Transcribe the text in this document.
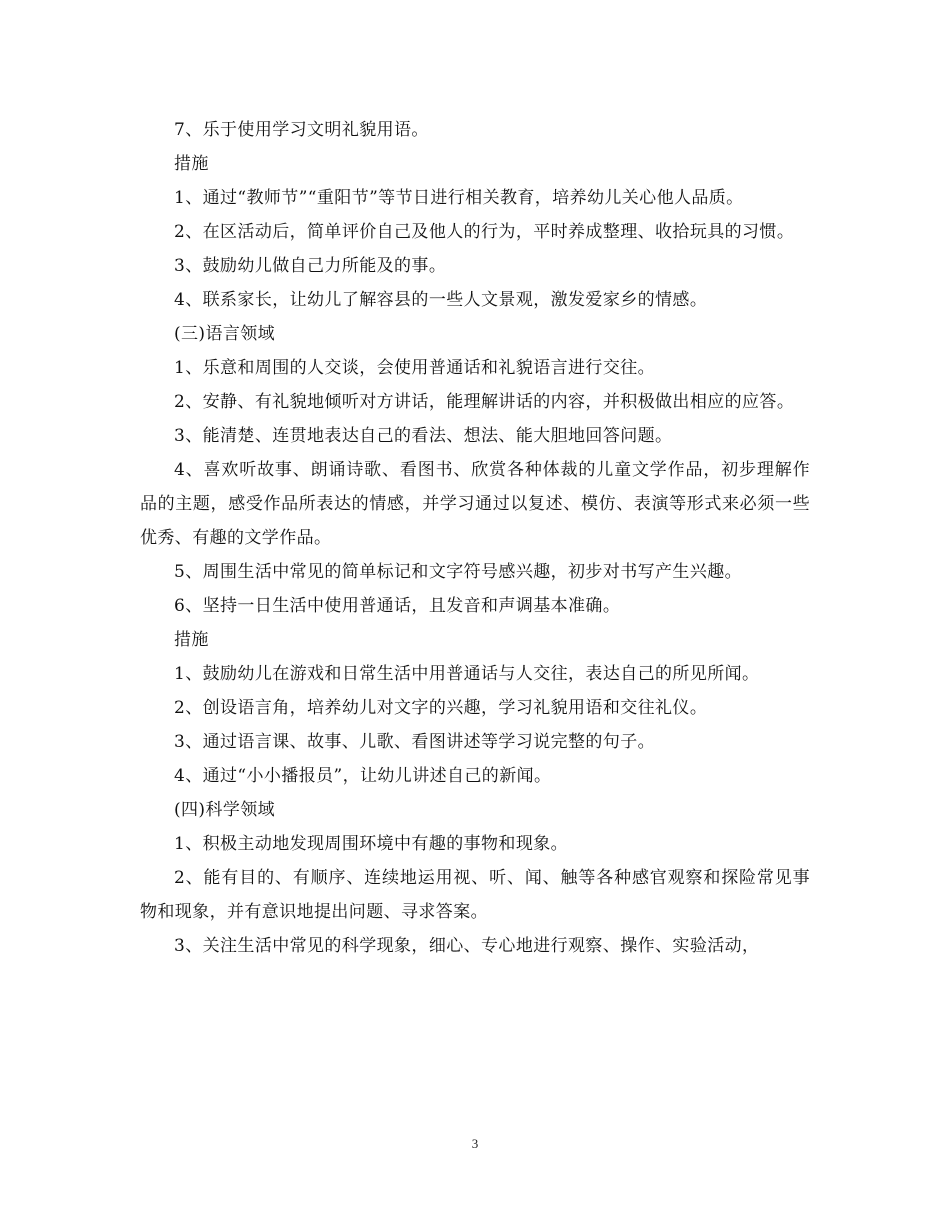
7、乐于使用学习文明礼貌用语。

措施

1、通过“教师节”“重阳节”等节日进行相关教育，培养幼儿关心他人品质。

2、在区活动后，简单评价自己及他人的行为，平时养成整理、收拾玩具的习惯。

3、鼓励幼儿做自己力所能及的事。

4、联系家长，让幼儿了解容县的一些人文景观，激发爱家乡的情感。

(三)语言领域

1、乐意和周围的人交谈，会使用普通话和礼貌语言进行交往。

2、安静、有礼貌地倾听对方讲话，能理解讲话的内容，并积极做出相应的应答。

3、能清楚、连贯地表达自己的看法、想法、能大胆地回答问题。

4、喜欢听故事、朗诵诗歌、看图书、欣赏各种体裁的儿童文学作品，初步理解作品的主题，感受作品所表达的情感，并学习通过以复述、模仿、表演等形式来必须一些优秀、有趣的文学作品。

5、周围生活中常见的简单标记和文字符号感兴趣，初步对书写产生兴趣。

6、坚持一日生活中使用普通话，且发音和声调基本准确。

措施

1、鼓励幼儿在游戏和日常生活中用普通话与人交往，表达自己的所见所闻。

2、创设语言角，培养幼儿对文字的兴趣，学习礼貌用语和交往礼仪。

3、通过语言课、故事、儿歌、看图讲述等学习说完整的句子。

4、通过“小小播报员”，让幼儿讲述自己的新闻。

(四)科学领域

1、积极主动地发现周围环境中有趣的事物和现象。

2、能有目的、有顺序、连续地运用视、听、闻、触等各种感官观察和探险常见事物和现象，并有意识地提出问题、寻求答案。

3、关注生活中常见的科学现象，细心、专心地进行观察、操作、实验活动，

3
